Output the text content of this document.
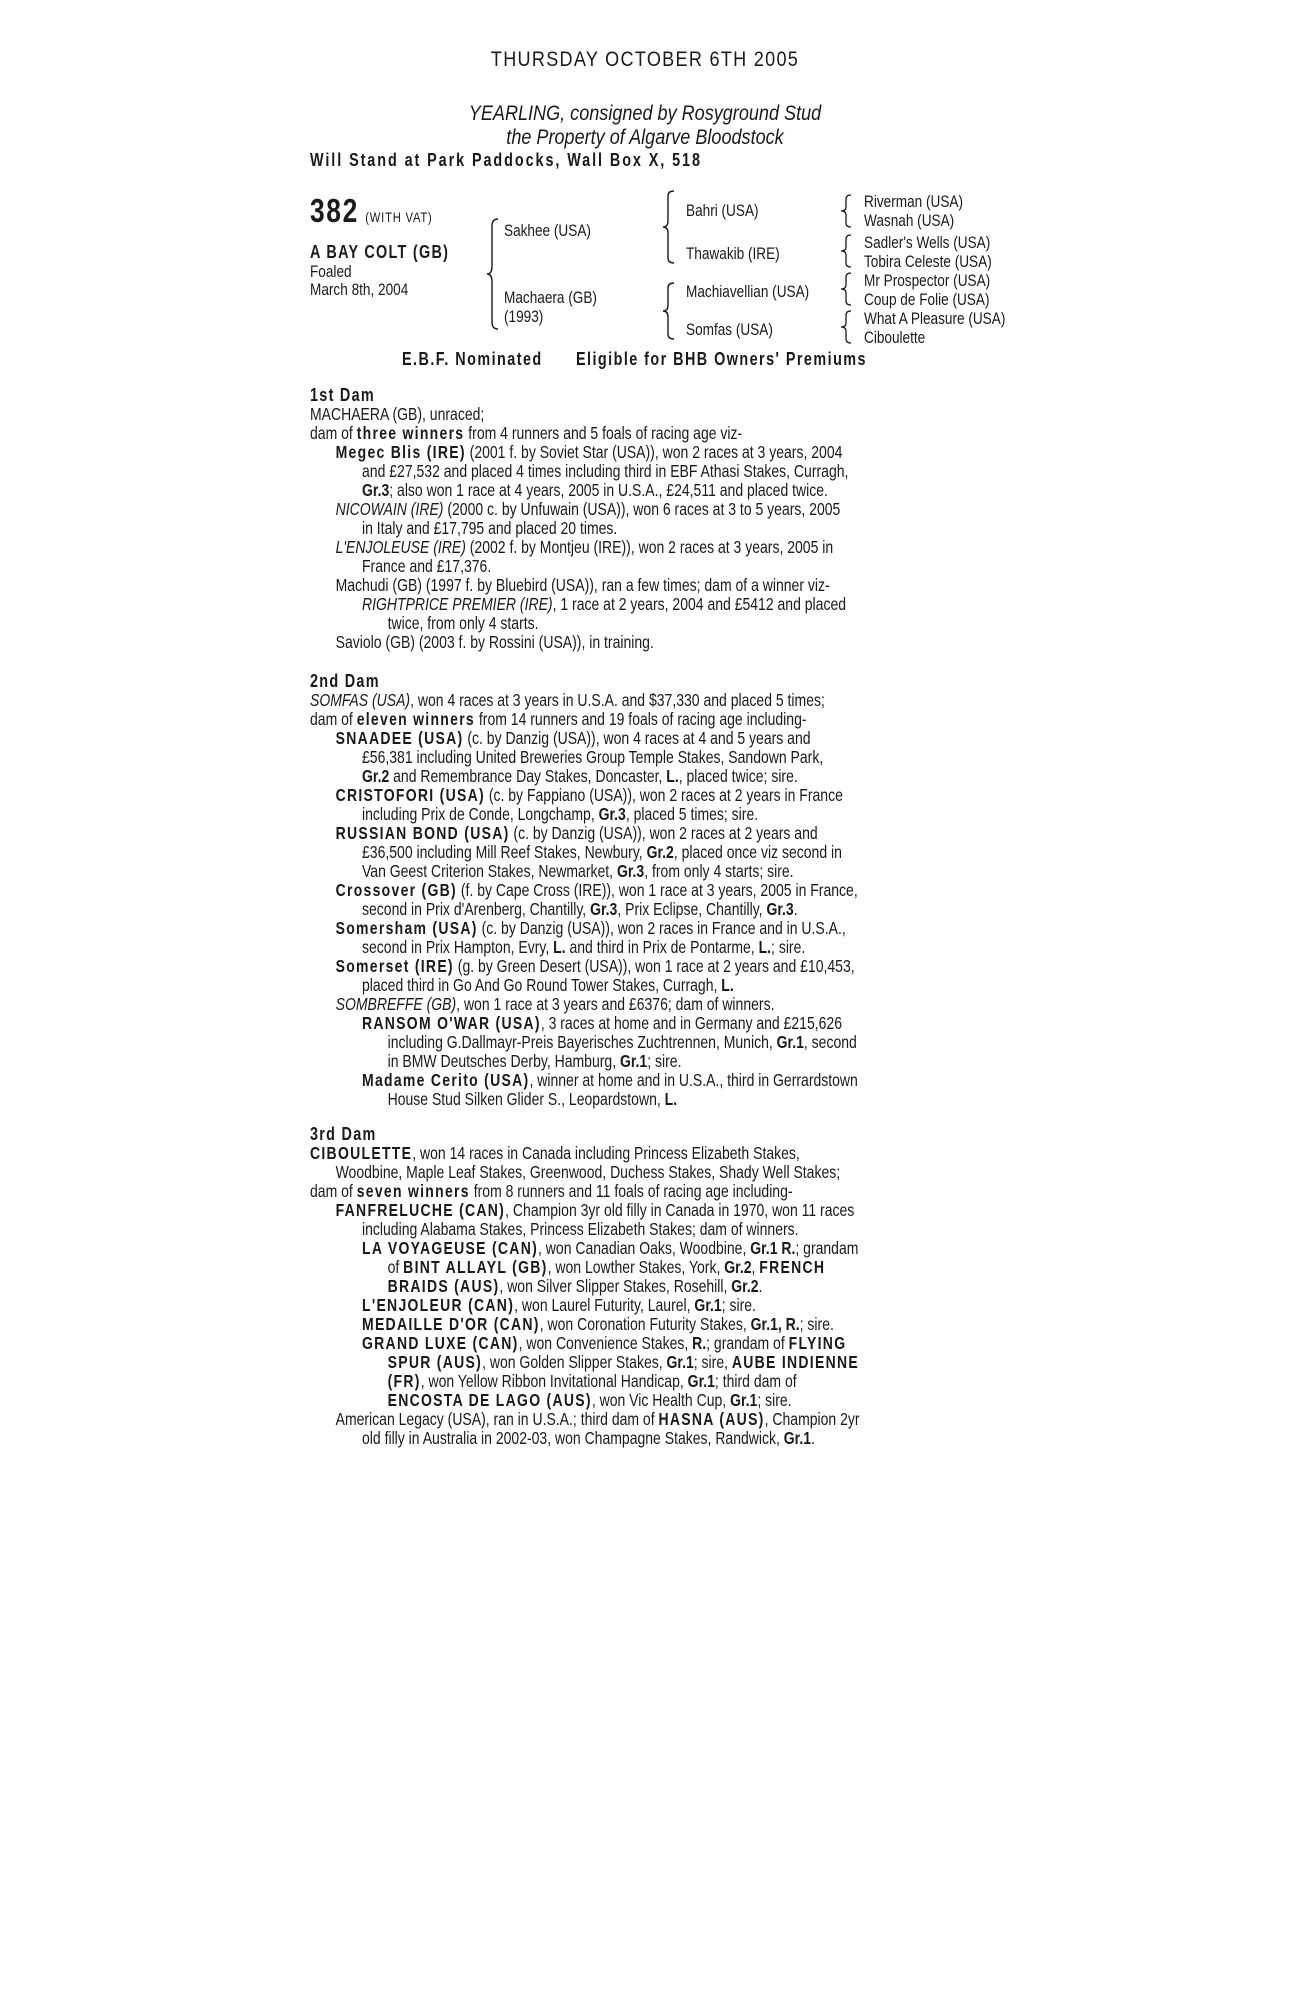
THURSDAY OCTOBER 6TH 2005
YEARLING, consigned by Rosyground Stud
the Property of Algarve Bloodstock
Will Stand at Park Paddocks, Wall Box X, 518
382 (WITH VAT)
A BAY COLT (GB)
Foaled
March 8th, 2004
Sakhee (USA)
Machaera (GB)
(1993)
Bahri (USA)
Thawakib (IRE)
Machiavellian (USA)
Somfas (USA)
Riverman (USA)
Wasnah (USA)
Sadler's Wells (USA)
Tobira Celeste (USA)
Mr Prospector (USA)
Coup de Folie (USA)
What A Pleasure (USA)
Ciboulette
E.B.F. Nominated Eligible for BHB Owners' Premiums
1st Dam
MACHAERA (GB), unraced;
dam of three winners from 4 runners and 5 foals of racing age viz-
Megec Blis (IRE) (2001 f. by Soviet Star (USA)), won 2 races at 3 years, 2004
and £27,532 and placed 4 times including third in EBF Athasi Stakes, Curragh,
Gr.3; also won 1 race at 4 years, 2005 in U.S.A., £24,511 and placed twice.
NICOWAIN (IRE) (2000 c. by Unfuwain (USA)), won 6 races at 3 to 5 years, 2005
in Italy and £17,795 and placed 20 times.
L'ENJOLEUSE (IRE) (2002 f. by Montjeu (IRE)), won 2 races at 3 years, 2005 in
France and £17,376.
Machudi (GB) (1997 f. by Bluebird (USA)), ran a few times; dam of a winner viz-
RIGHTPRICE PREMIER (IRE), 1 race at 2 years, 2004 and £5412 and placed
twice, from only 4 starts.
Saviolo (GB) (2003 f. by Rossini (USA)), in training.
2nd Dam
SOMFAS (USA), won 4 races at 3 years in U.S.A. and $37,330 and placed 5 times;
dam of eleven winners from 14 runners and 19 foals of racing age including-
SNAADEE (USA) (c. by Danzig (USA)), won 4 races at 4 and 5 years and
£56,381 including United Breweries Group Temple Stakes, Sandown Park,
Gr.2 and Remembrance Day Stakes, Doncaster, L., placed twice; sire.
CRISTOFORI (USA) (c. by Fappiano (USA)), won 2 races at 2 years in France
including Prix de Conde, Longchamp, Gr.3, placed 5 times; sire.
RUSSIAN BOND (USA) (c. by Danzig (USA)), won 2 races at 2 years and
£36,500 including Mill Reef Stakes, Newbury, Gr.2, placed once viz second in
Van Geest Criterion Stakes, Newmarket, Gr.3, from only 4 starts; sire.
Crossover (GB) (f. by Cape Cross (IRE)), won 1 race at 3 years, 2005 in France,
second in Prix d'Arenberg, Chantilly, Gr.3, Prix Eclipse, Chantilly, Gr.3.
Somersham (USA) (c. by Danzig (USA)), won 2 races in France and in U.S.A.,
second in Prix Hampton, Evry, L. and third in Prix de Pontarme, L.; sire.
Somerset (IRE) (g. by Green Desert (USA)), won 1 race at 2 years and £10,453,
placed third in Go And Go Round Tower Stakes, Curragh, L.
SOMBREFFE (GB), won 1 race at 3 years and £6376; dam of winners.
RANSOM O'WAR (USA), 3 races at home and in Germany and £215,626
including G.Dallmayr-Preis Bayerisches Zuchtrennen, Munich, Gr.1, second
in BMW Deutsches Derby, Hamburg, Gr.1; sire.
Madame Cerito (USA), winner at home and in U.S.A., third in Gerrardstown
House Stud Silken Glider S., Leopardstown, L.
3rd Dam
CIBOULETTE, won 14 races in Canada including Princess Elizabeth Stakes,
Woodbine, Maple Leaf Stakes, Greenwood, Duchess Stakes, Shady Well Stakes;
dam of seven winners from 8 runners and 11 foals of racing age including-
FANFRELUCHE (CAN), Champion 3yr old filly in Canada in 1970, won 11 races
including Alabama Stakes, Princess Elizabeth Stakes; dam of winners.
LA VOYAGEUSE (CAN), won Canadian Oaks, Woodbine, Gr.1 R.; grandam
of BINT ALLAYL (GB), won Lowther Stakes, York, Gr.2, FRENCH
BRAIDS (AUS), won Silver Slipper Stakes, Rosehill, Gr.2.
L'ENJOLEUR (CAN), won Laurel Futurity, Laurel, Gr.1; sire.
MEDAILLE D'OR (CAN), won Coronation Futurity Stakes, Gr.1, R.; sire.
GRAND LUXE (CAN), won Convenience Stakes, R.; grandam of FLYING
SPUR (AUS), won Golden Slipper Stakes, Gr.1; sire, AUBE INDIENNE
(FR), won Yellow Ribbon Invitational Handicap, Gr.1; third dam of
ENCOSTA DE LAGO (AUS), won Vic Health Cup, Gr.1; sire.
American Legacy (USA), ran in U.S.A.; third dam of HASNA (AUS), Champion 2yr
old filly in Australia in 2002-03, won Champagne Stakes, Randwick, Gr.1.
